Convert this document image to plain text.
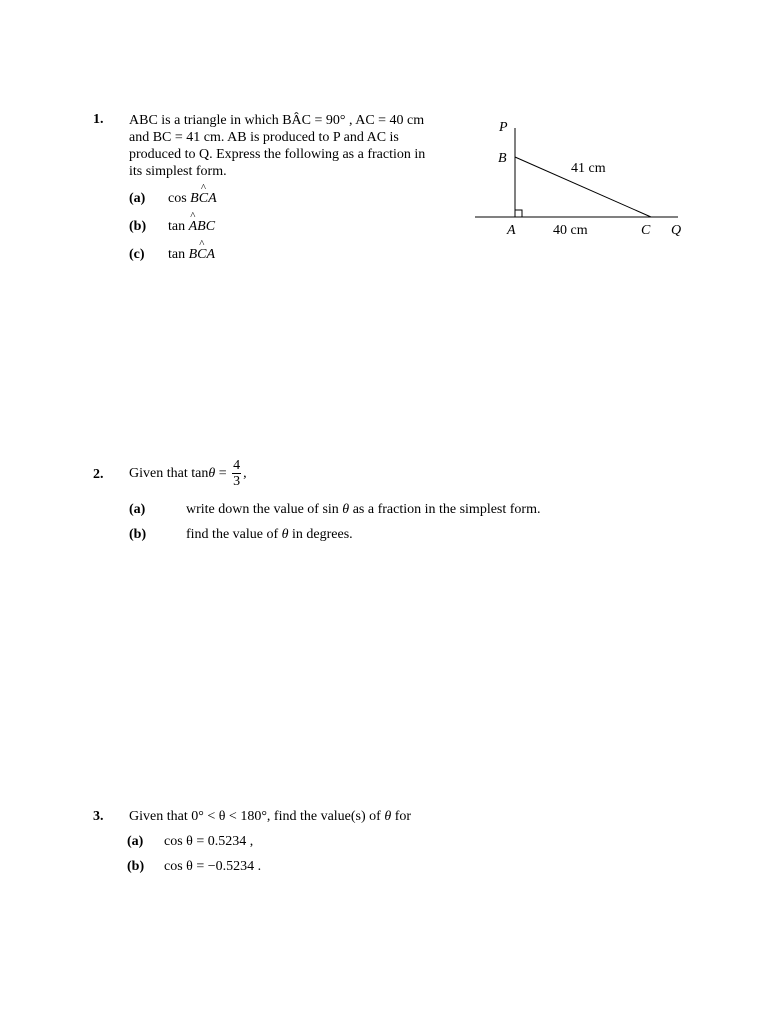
1. ABC is a triangle in which BÂC = 90° , AC = 40 cm
and BC = 41 cm. AB is produced to P and AC is
produced to Q. Express the following as a fraction in
its simplest form.
(a) cos B^ CA
(b) tan ^ ABC
(c) tan B^ CA
P
B
A	C Q
41 cm
40 cm
2. Given that $\tan\theta = \frac{4}{3}$ ,
(a)	write down the value of sin θ as a fraction in the simplest form.
(b)	find the value of θ in degrees.
3. Given that 0° < θ < 180°, find the value(s) of θ for
(a) cos θ = 0.5234 ,
(b) cos θ = −0.5234 .
